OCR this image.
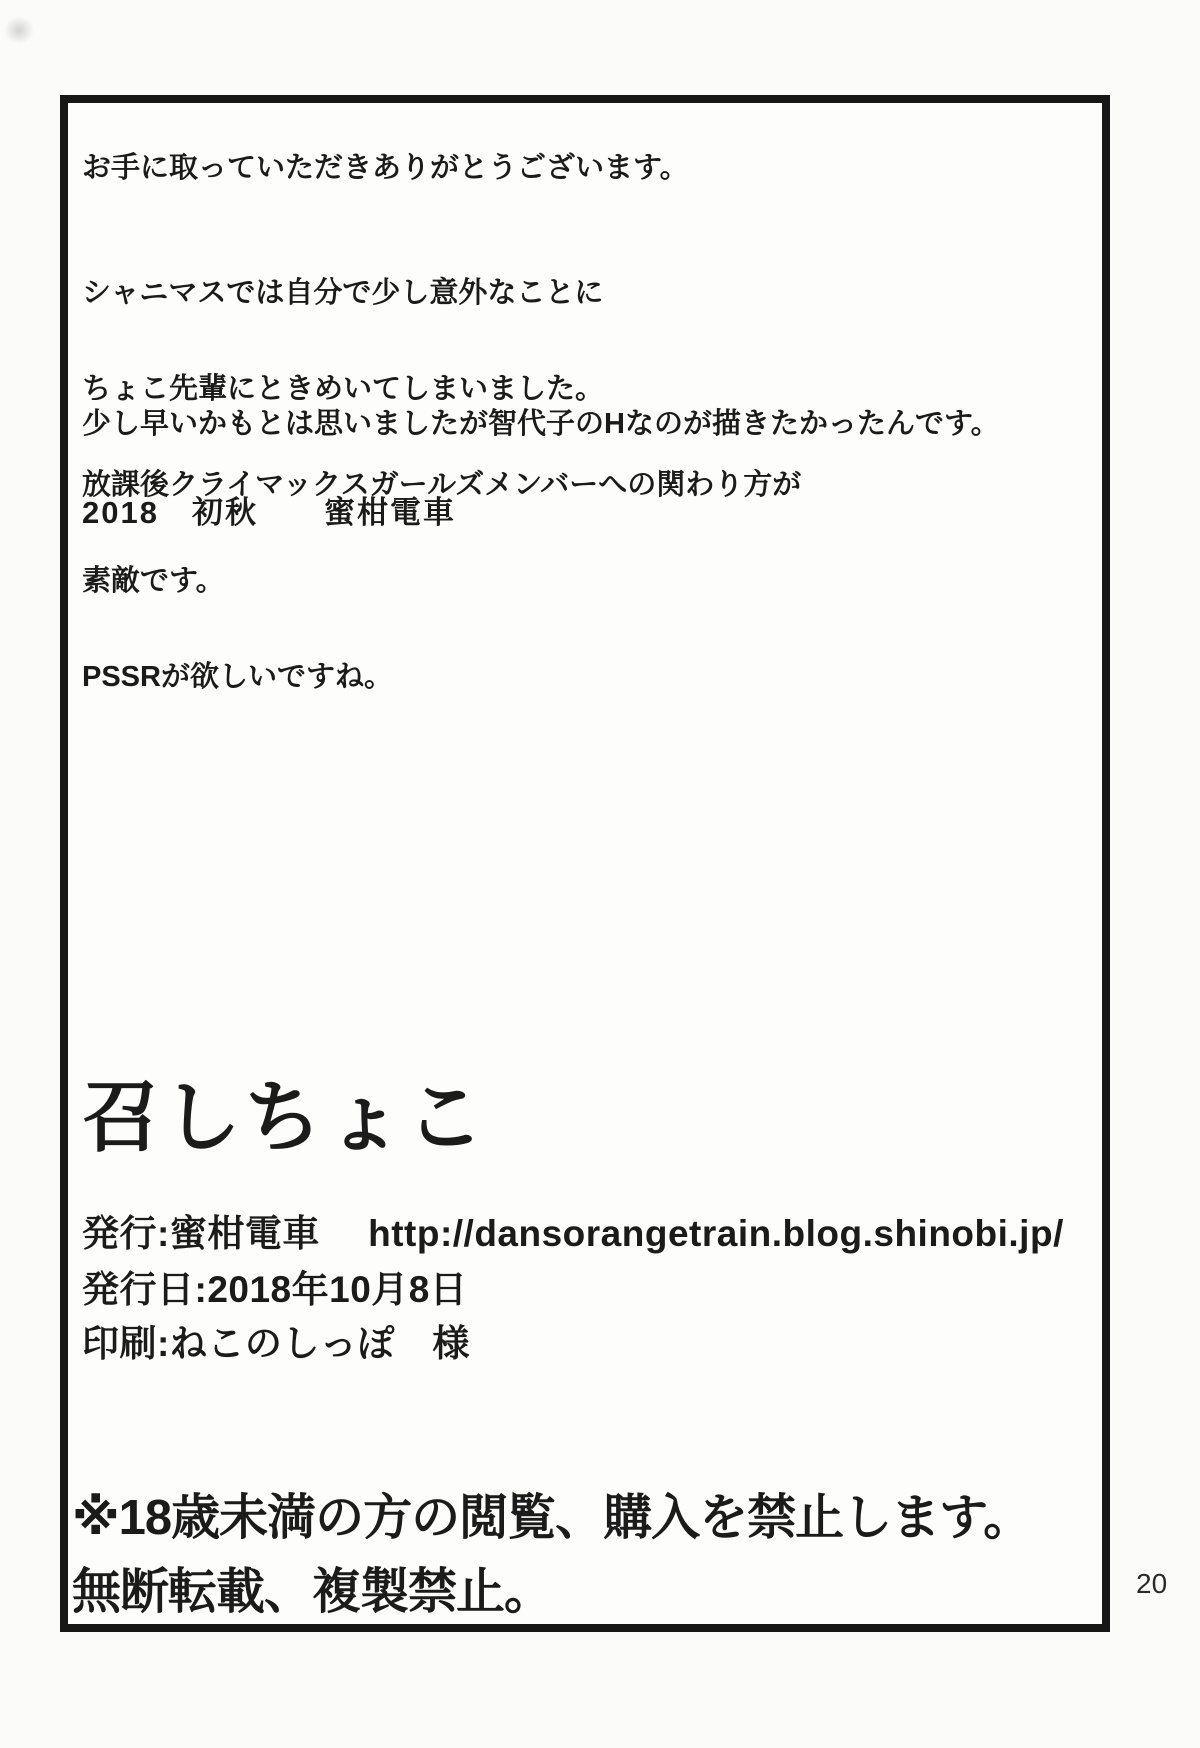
お手に取っていただきありがとうございます。

シャニマスでは自分で少し意外なことに

ちょこ先輩にときめいてしまいました。

放課後クライマックスガールズメンバーへの関わり方が

素敵です。

PSSRが欲しいですね。

少し早いかもとは思いましたが智代子のHなのが描きたかったんです。
2018　初秋　　蜜柑電車
召しちょこ
発行:蜜柑電車　 http://dansorangetrain.blog.shinobi.jp/
発行日:2018年10月8日
印刷:ねこのしっぽ　様
※18歳未満の方の閲覧、購入を禁止します。
無断転載、複製禁止。	20
